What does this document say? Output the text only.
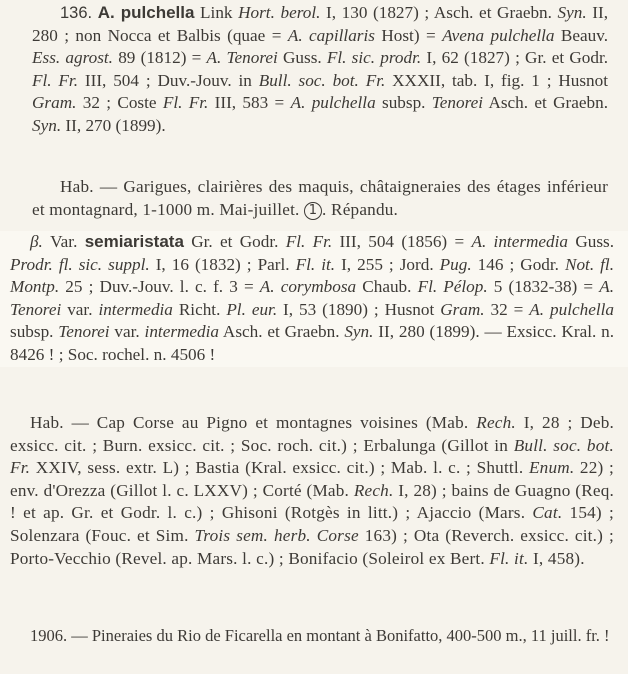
136. A. pulchella Link Hort. berol. I, 130 (1827) ; Asch. et Graebn. Syn. II, 280 ; non Nocca et Balbis (quae = A. capillaris Host) = Avena pulchella Beauv. Ess. agrost. 89 (1812) = A. Tenorei Guss. Fl. sic. prodr. I, 62 (1827) ; Gr. et Godr. Fl. Fr. III, 504 ; Duv.-Jouv. in Bull. soc. bot. Fr. XXXII, tab. I, fig. 1 ; Husnot Gram. 32 ; Coste Fl. Fr. III, 583 = A. pulchella subsp. Tenorei Asch. et Graebn. Syn. II, 270 (1899).
Hab. — Garigues, clairières des maquis, châtaigneraies des étages inférieur et montagnard, 1-1000 m. Mai-juillet. 1 . Répandu.
β. Var. semiaristata Gr. et Godr. Fl. Fr. III, 504 (1856) = A. intermedia Guss. Prodr. fl. sic. suppl. I, 16 (1832) ; Parl. Fl. it. I, 255 ; Jord. Pug. 146 ; Godr. Not. fl. Montp. 25 ; Duv.-Jouv. l. c. f. 3 = A. corymbosa Chaub. Fl. Pélop. 5 (1832-38) = A. Tenorei var. intermedia Richt. Pl. eur. I, 53 (1890) ; Husnot Gram. 32 = A. pulchella subsp. Tenorei var. intermedia Asch. et Graebn. Syn. II, 280 (1899). — Exsicc. Kral. n. 8426 ! ; Soc. rochel. n. 4506 !
Hab. — Cap Corse au Pigno et montagnes voisines (Mab. Rech. I, 28 ; Deb. exsicc. cit. ; Burn. exsicc. cit. ; Soc. roch. cit.) ; Erbalunga (Gillot in Bull. soc. bot. Fr. XXIV, sess. extr. L) ; Bastia (Kral. exsicc. cit.) ; Mab. l. c. ; Shuttl. Enum. 22) ; env. d'Orezza (Gillot l. c. LXXV) ; Corté (Mab. Rech. I, 28) ; bains de Guagno (Req. ! et ap. Gr. et Godr. l. c.) ; Ghisoni (Rotgès in litt.) ; Ajaccio (Mars. Cat. 154) ; Solenzara (Fouc. et Sim. Trois sem. herb. Corse 163) ; Ota (Reverch. exsicc. cit.) ; Porto-Vecchio (Revel. ap. Mars. l. c.) ; Bonifacio (Soleirol ex Bert. Fl. it. I, 458).
1906. — Pineraies du Rio de Ficarella en montant à Bonifatto, 400-500 m., 11 juill. fr. !
